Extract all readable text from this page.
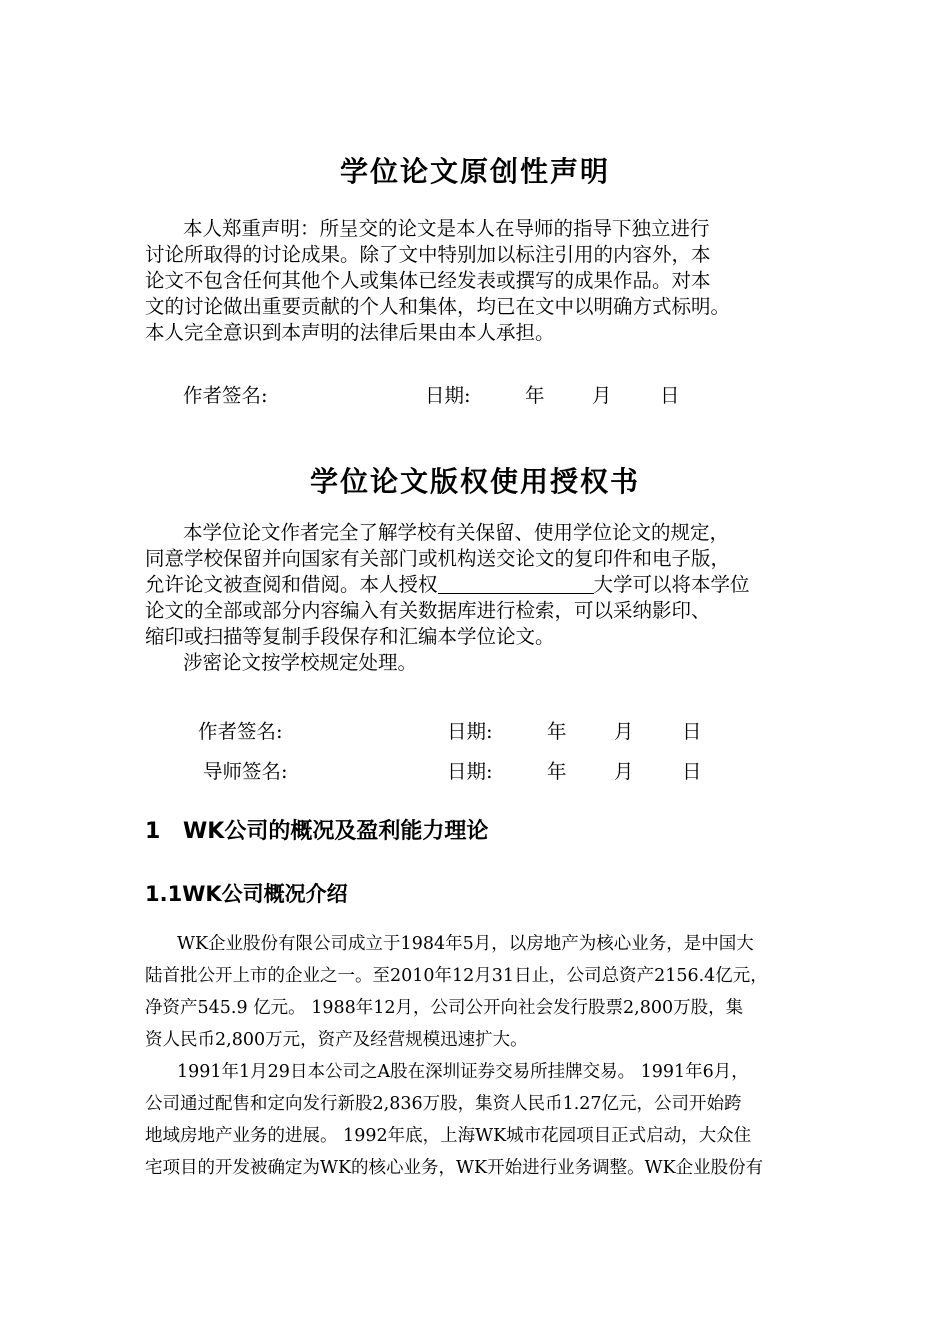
学位论文原创性声明
本人郑重声明：所呈交的论文是本人在导师的指导下独立进行
讨论所取得的讨论成果。除了文中特别加以标注引用的内容外，本
论文不包含任何其他个人或集体已经发表或撰写的成果作品。对本
文的讨论做出重要贡献的个人和集体，均已在文中以明确方式标明。
本人完全意识到本声明的法律后果由本人承担。
作者签名:	日期:	年 月 日
学位论文版权使用授权书
本学位论文作者完全了解学校有关保留、使用学位论文的规定，
同意学校保留并向国家有关部门或机构送交论文的复印件和电子版，
允许论文被查阅和借阅。本人授权	大学可以将本学位
论文的全部或部分内容编入有关数据库进行检索，可以采纳影印、
缩印或扫描等复制手段保存和汇编本学位论文。
涉密论文按学校规定处理。
作者签名:	日期:	年 月 日
导师签名:	日期:	年 月 日
1 WK公司的概况及盈利能力理论
1.1WK公司概况介绍
WK企业股份有限公司成立于1984年5月，以房地产为核心业务，是中国大
陆首批公开上市的企业之一。至2010年12月31日止，公司总资产2156.4亿元，
净资产545.9 亿元。 1988年12月，公司公开向社会发行股票2,800万股，集
资人民币2,800万元，资产及经营规模迅速扩大。
1991年1月29日本公司之A股在深圳证券交易所挂牌交易。 1991年6月，
公司通过配售和定向发行新股2,836万股，集资人民币1.27亿元，公司开始跨
地域房地产业务的进展。 1992年底，上海WK城市花园项目正式启动，大众住
宅项目的开发被确定为WK的核心业务，WK开始进行业务调整。WK企业股份有
